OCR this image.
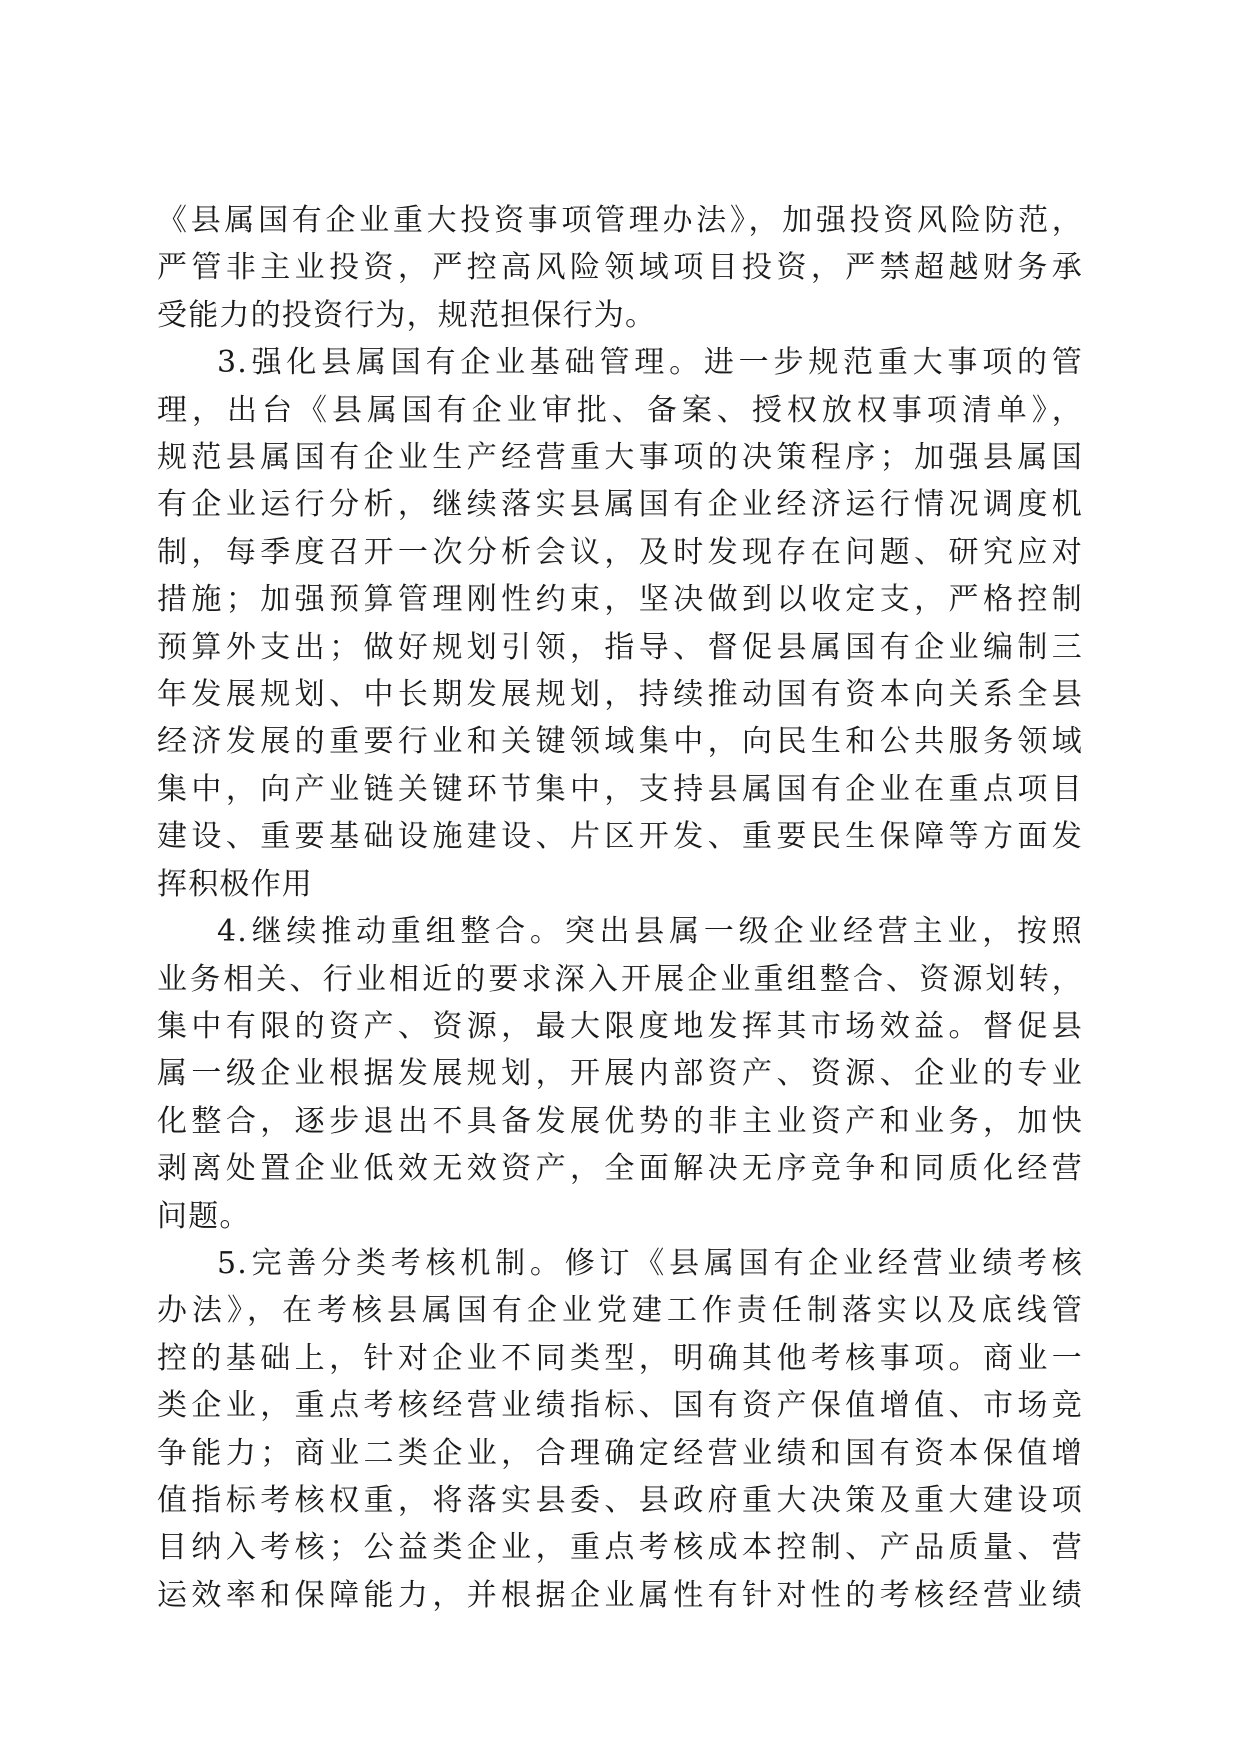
《县属国有企业重大投资事项管理办法》，加强投资风险防范，
严管非主业投资，严控高风险领域项目投资，严禁超越财务承
受能力的投资行为，规范担保行为。

3.强化县属国有企业基础管理。进一步规范重大事项的管
理，出台《县属国有企业审批、备案、授权放权事项清单》，
规范县属国有企业生产经营重大事项的决策程序；加强县属国
有企业运行分析，继续落实县属国有企业经济运行情况调度机
制，每季度召开一次分析会议，及时发现存在问题、研究应对
措施；加强预算管理刚性约束，坚决做到以收定支，严格控制
预算外支出；做好规划引领，指导、督促县属国有企业编制三
年发展规划、中长期发展规划，持续推动国有资本向关系全县
经济发展的重要行业和关键领域集中，向民生和公共服务领域
集中，向产业链关键环节集中，支持县属国有企业在重点项目
建设、重要基础设施建设、片区开发、重要民生保障等方面发
挥积极作用

4.继续推动重组整合。突出县属一级企业经营主业，按照
业务相关、行业相近的要求深入开展企业重组整合、资源划转，
集中有限的资产、资源，最大限度地发挥其市场效益。督促县
属一级企业根据发展规划，开展内部资产、资源、企业的专业
化整合，逐步退出不具备发展优势的非主业资产和业务，加快
剥离处置企业低效无效资产，全面解决无序竞争和同质化经营
问题。

5.完善分类考核机制。修订《县属国有企业经营业绩考核
办法》，在考核县属国有企业党建工作责任制落实以及底线管
控的基础上，针对企业不同类型，明确其他考核事项。商业一
类企业，重点考核经营业绩指标、国有资产保值增值、市场竞
争能力；商业二类企业，合理确定经营业绩和国有资本保值增
值指标考核权重，将落实县委、县政府重大决策及重大建设项
目纳入考核；公益类企业，重点考核成本控制、产品质量、营
运效率和保障能力，并根据企业属性有针对性的考核经营业绩
